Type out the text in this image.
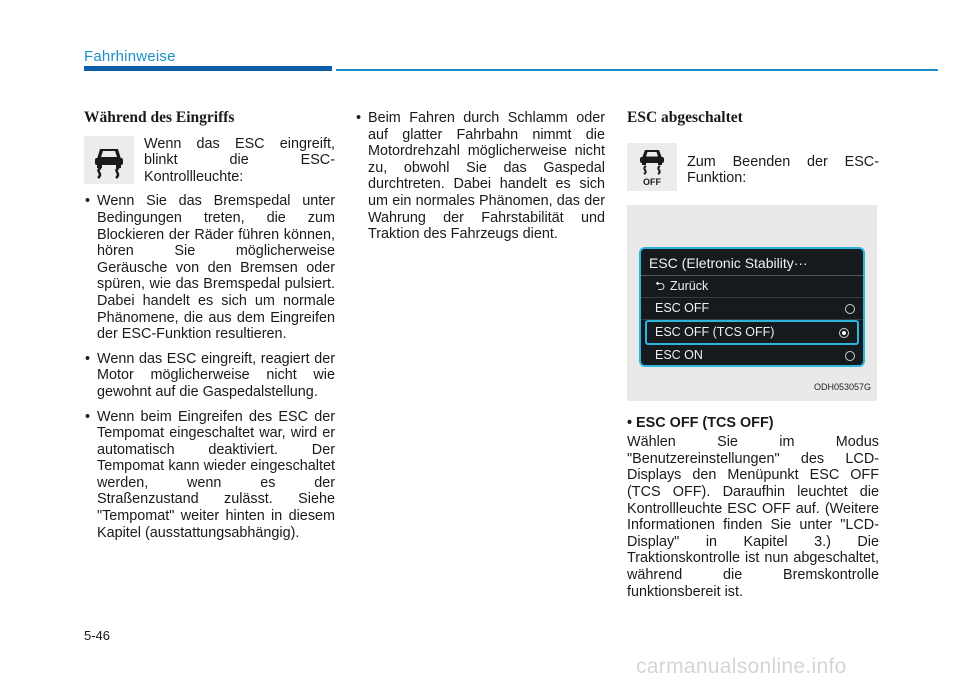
Fahrhinweise
Während des Eingriffs
Wenn das ESC eingreift, blinkt die ESC-Kontrollleuchte:
• Wenn Sie das Bremspedal unter Bedingungen treten, die zum Blockieren der Räder führen können, hören Sie möglicherweise Geräusche von den Bremsen oder spüren, wie das Bremspedal pulsiert. Dabei handelt es sich um normale Phänomene, die aus dem Eingreifen der ESC-Funktion resultieren.
• Wenn das ESC eingreift, reagiert der Motor möglicherweise nicht wie gewohnt auf die Gaspedalstellung.
• Wenn beim Eingreifen des ESC der Tempomat eingeschaltet war, wird er automatisch deaktiviert. Der Tempomat kann wieder eingeschaltet werden, wenn es der Straßenzustand zulässt. Siehe "Tempomat" weiter hinten in diesem Kapitel (ausstattungsabhängig).
• Beim Fahren durch Schlamm oder auf glatter Fahrbahn nimmt die Motordrehzahl möglicherweise nicht zu, obwohl Sie das Gaspedal durchtreten. Dabei handelt es sich um ein normales Phänomen, das der Wahrung der Fahrstabilität und Traktion des Fahrzeugs dient.
ESC abgeschaltet
OFF
Zum Beenden der ESC-Funktion:
ESC (Eletronic Stability···
⮌ Zurück
ESC OFF
ESC OFF (TCS OFF)
ESC ON
ODH053057G
• ESC OFF (TCS OFF)

Wählen Sie im Modus "Benutzereinstellungen" des LCD-Displays den Menüpunkt ESC OFF (TCS OFF). Daraufhin leuchtet die Kontrollleuchte ESC OFF auf. (Weitere Informationen finden Sie unter "LCD-Display" in Kapitel 3.) Die Traktionskontrolle ist nun abgeschaltet, während die Bremskontrolle funktionsbereit ist.

5-46
carmanualsonline.info
